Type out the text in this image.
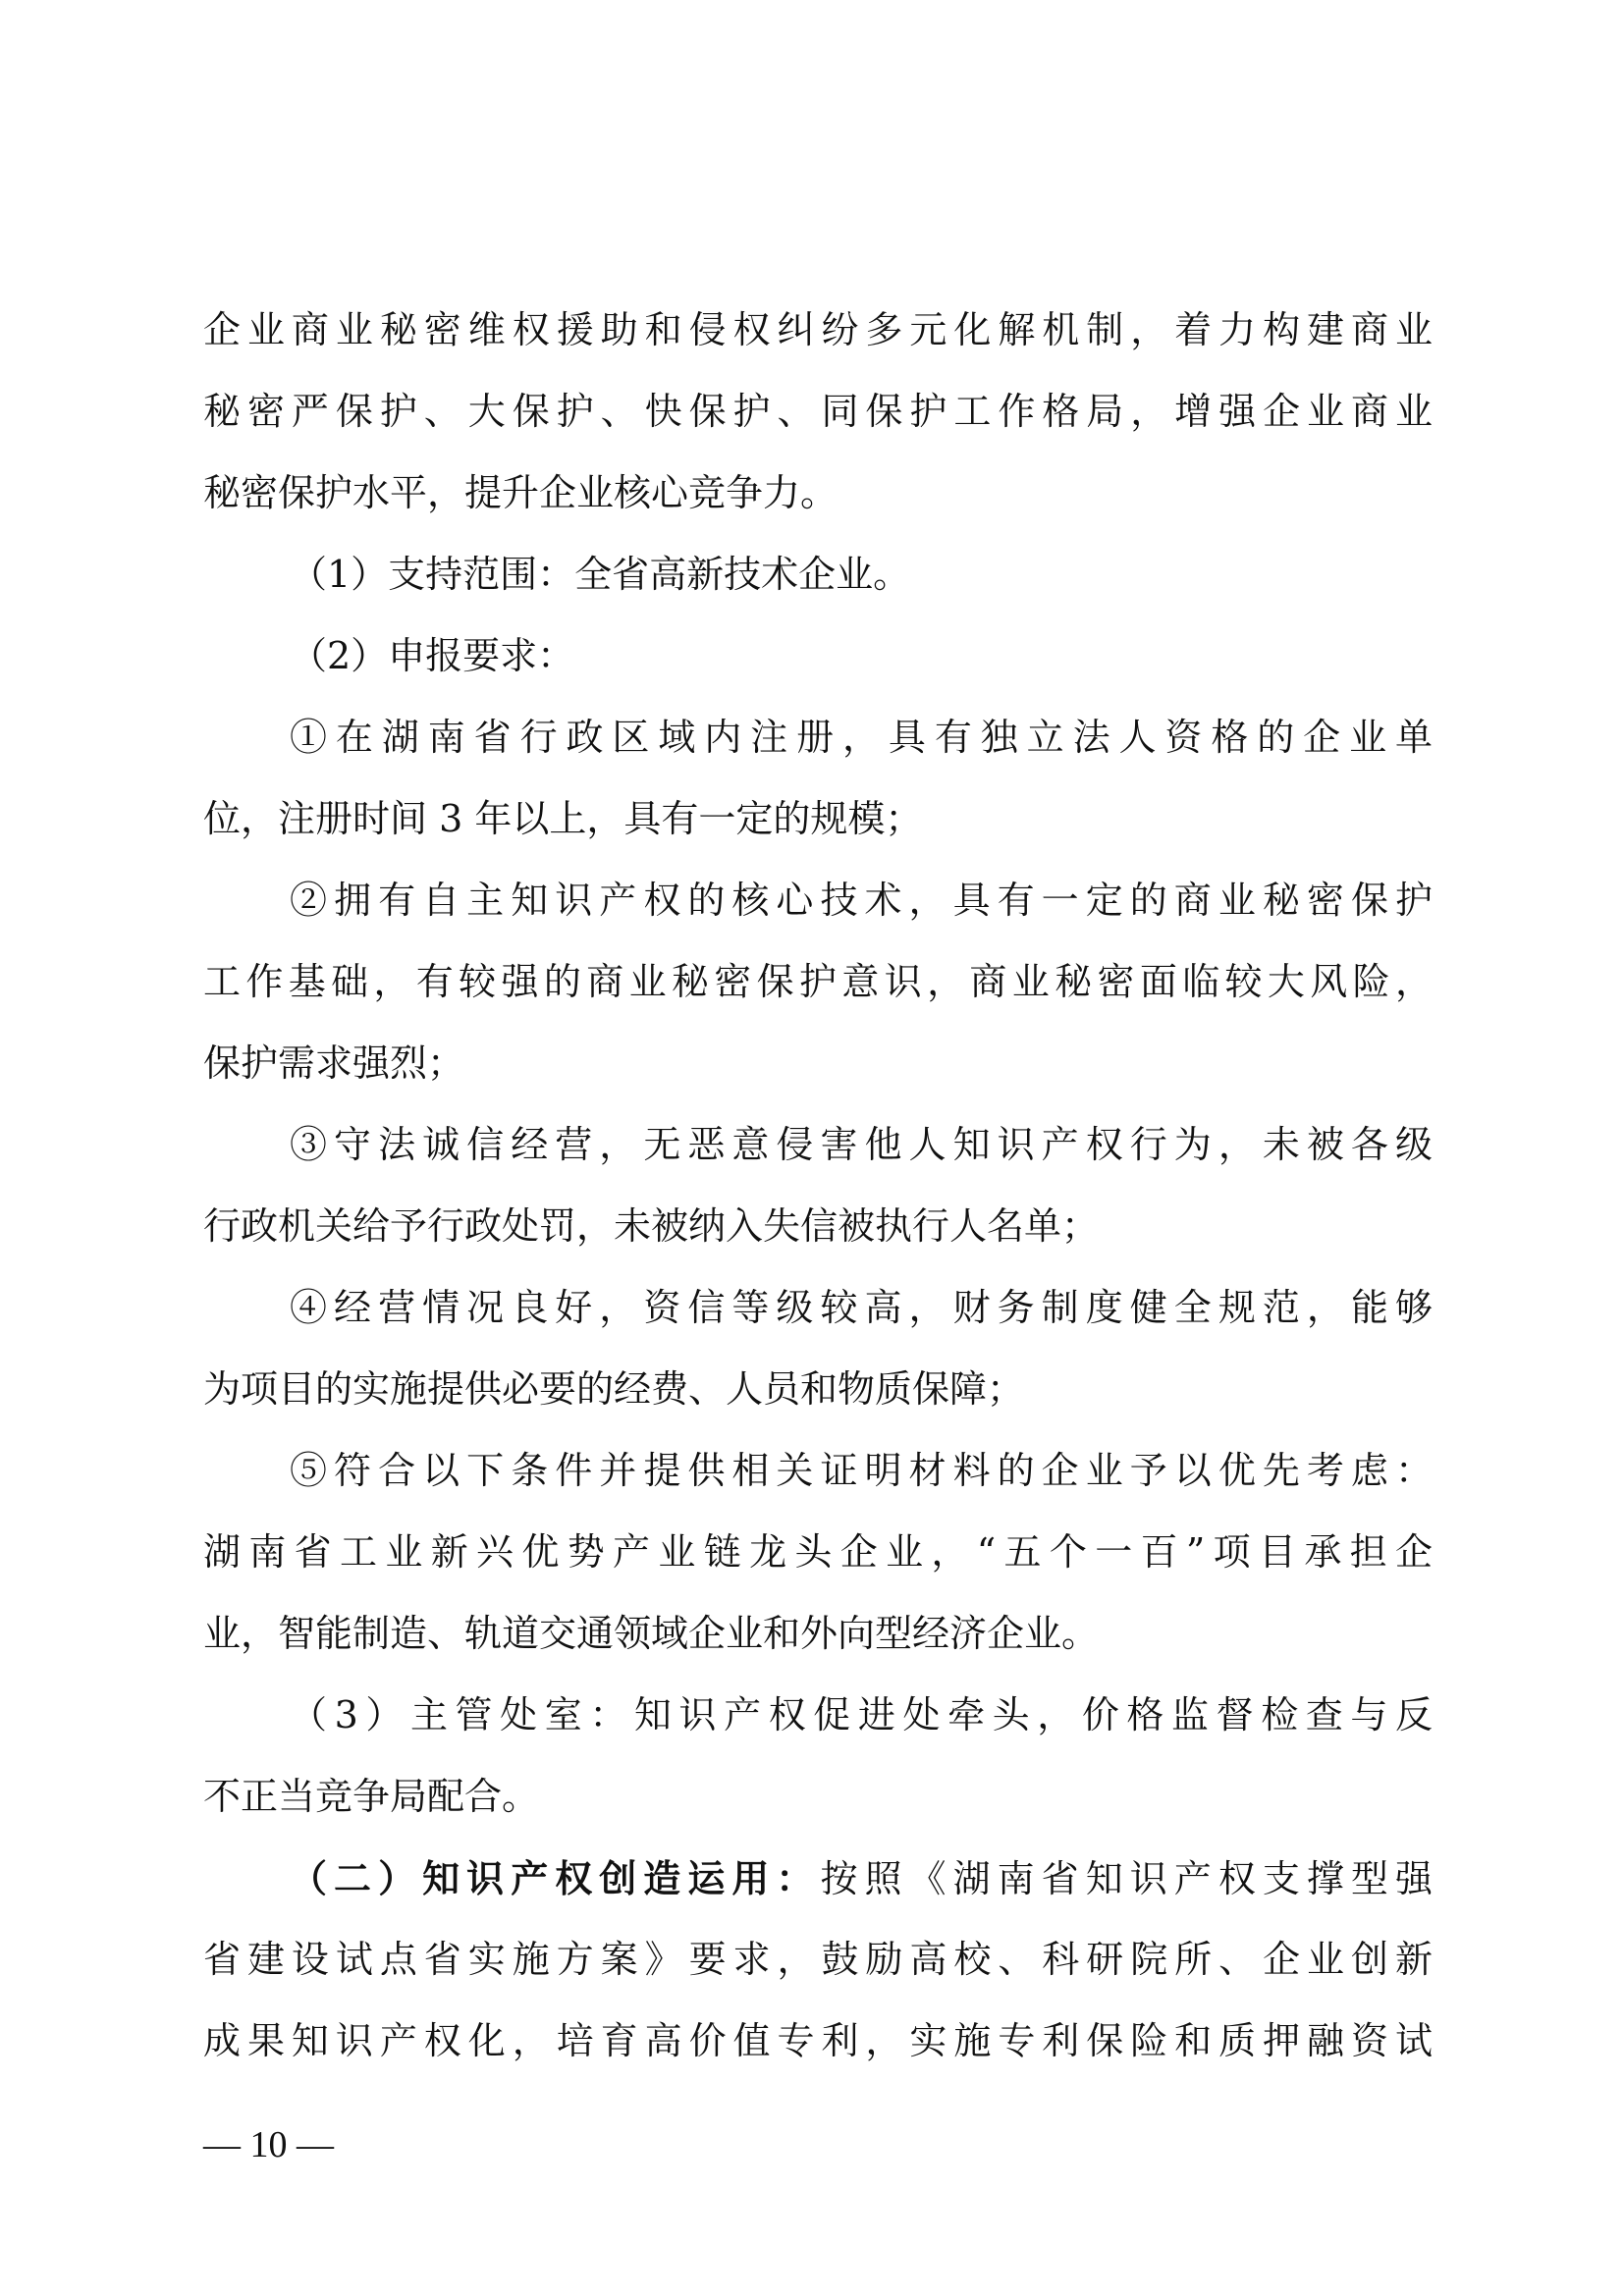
企业商业秘密维权援助和侵权纠纷多元化解机制，着力构建商业
秘密严保护、大保护、快保护、同保护工作格局，增强企业商业
秘密保护水平，提升企业核心竞争力。
（1）支持范围：全省高新技术企业。
（2）申报要求：
①在湖南省行政区域内注册，具有独立法人资格的企业单
位，注册时间 3 年以上，具有一定的规模；
②拥有自主知识产权的核心技术，具有一定的商业秘密保护
工作基础，有较强的商业秘密保护意识，商业秘密面临较大风险，
保护需求强烈；
③守法诚信经营，无恶意侵害他人知识产权行为，未被各级
行政机关给予行政处罚，未被纳入失信被执行人名单；
④经营情况良好，资信等级较高，财务制度健全规范，能够
为项目的实施提供必要的经费、人员和物质保障；
⑤符合以下条件并提供相关证明材料的企业予以优先考虑：
湖南省工业新兴优势产业链龙头企业，“五个一百”项目承担企
业，智能制造、轨道交通领域企业和外向型经济企业。
（3）主管处室：知识产权促进处牵头，价格监督检查与反
不正当竞争局配合。
（二）知识产权创造运用：按照《湖南省知识产权支撑型强
省建设试点省实施方案》要求，鼓励高校、科研院所、企业创新
成果知识产权化，培育高价值专利，实施专利保险和质押融资试
— 10 —
